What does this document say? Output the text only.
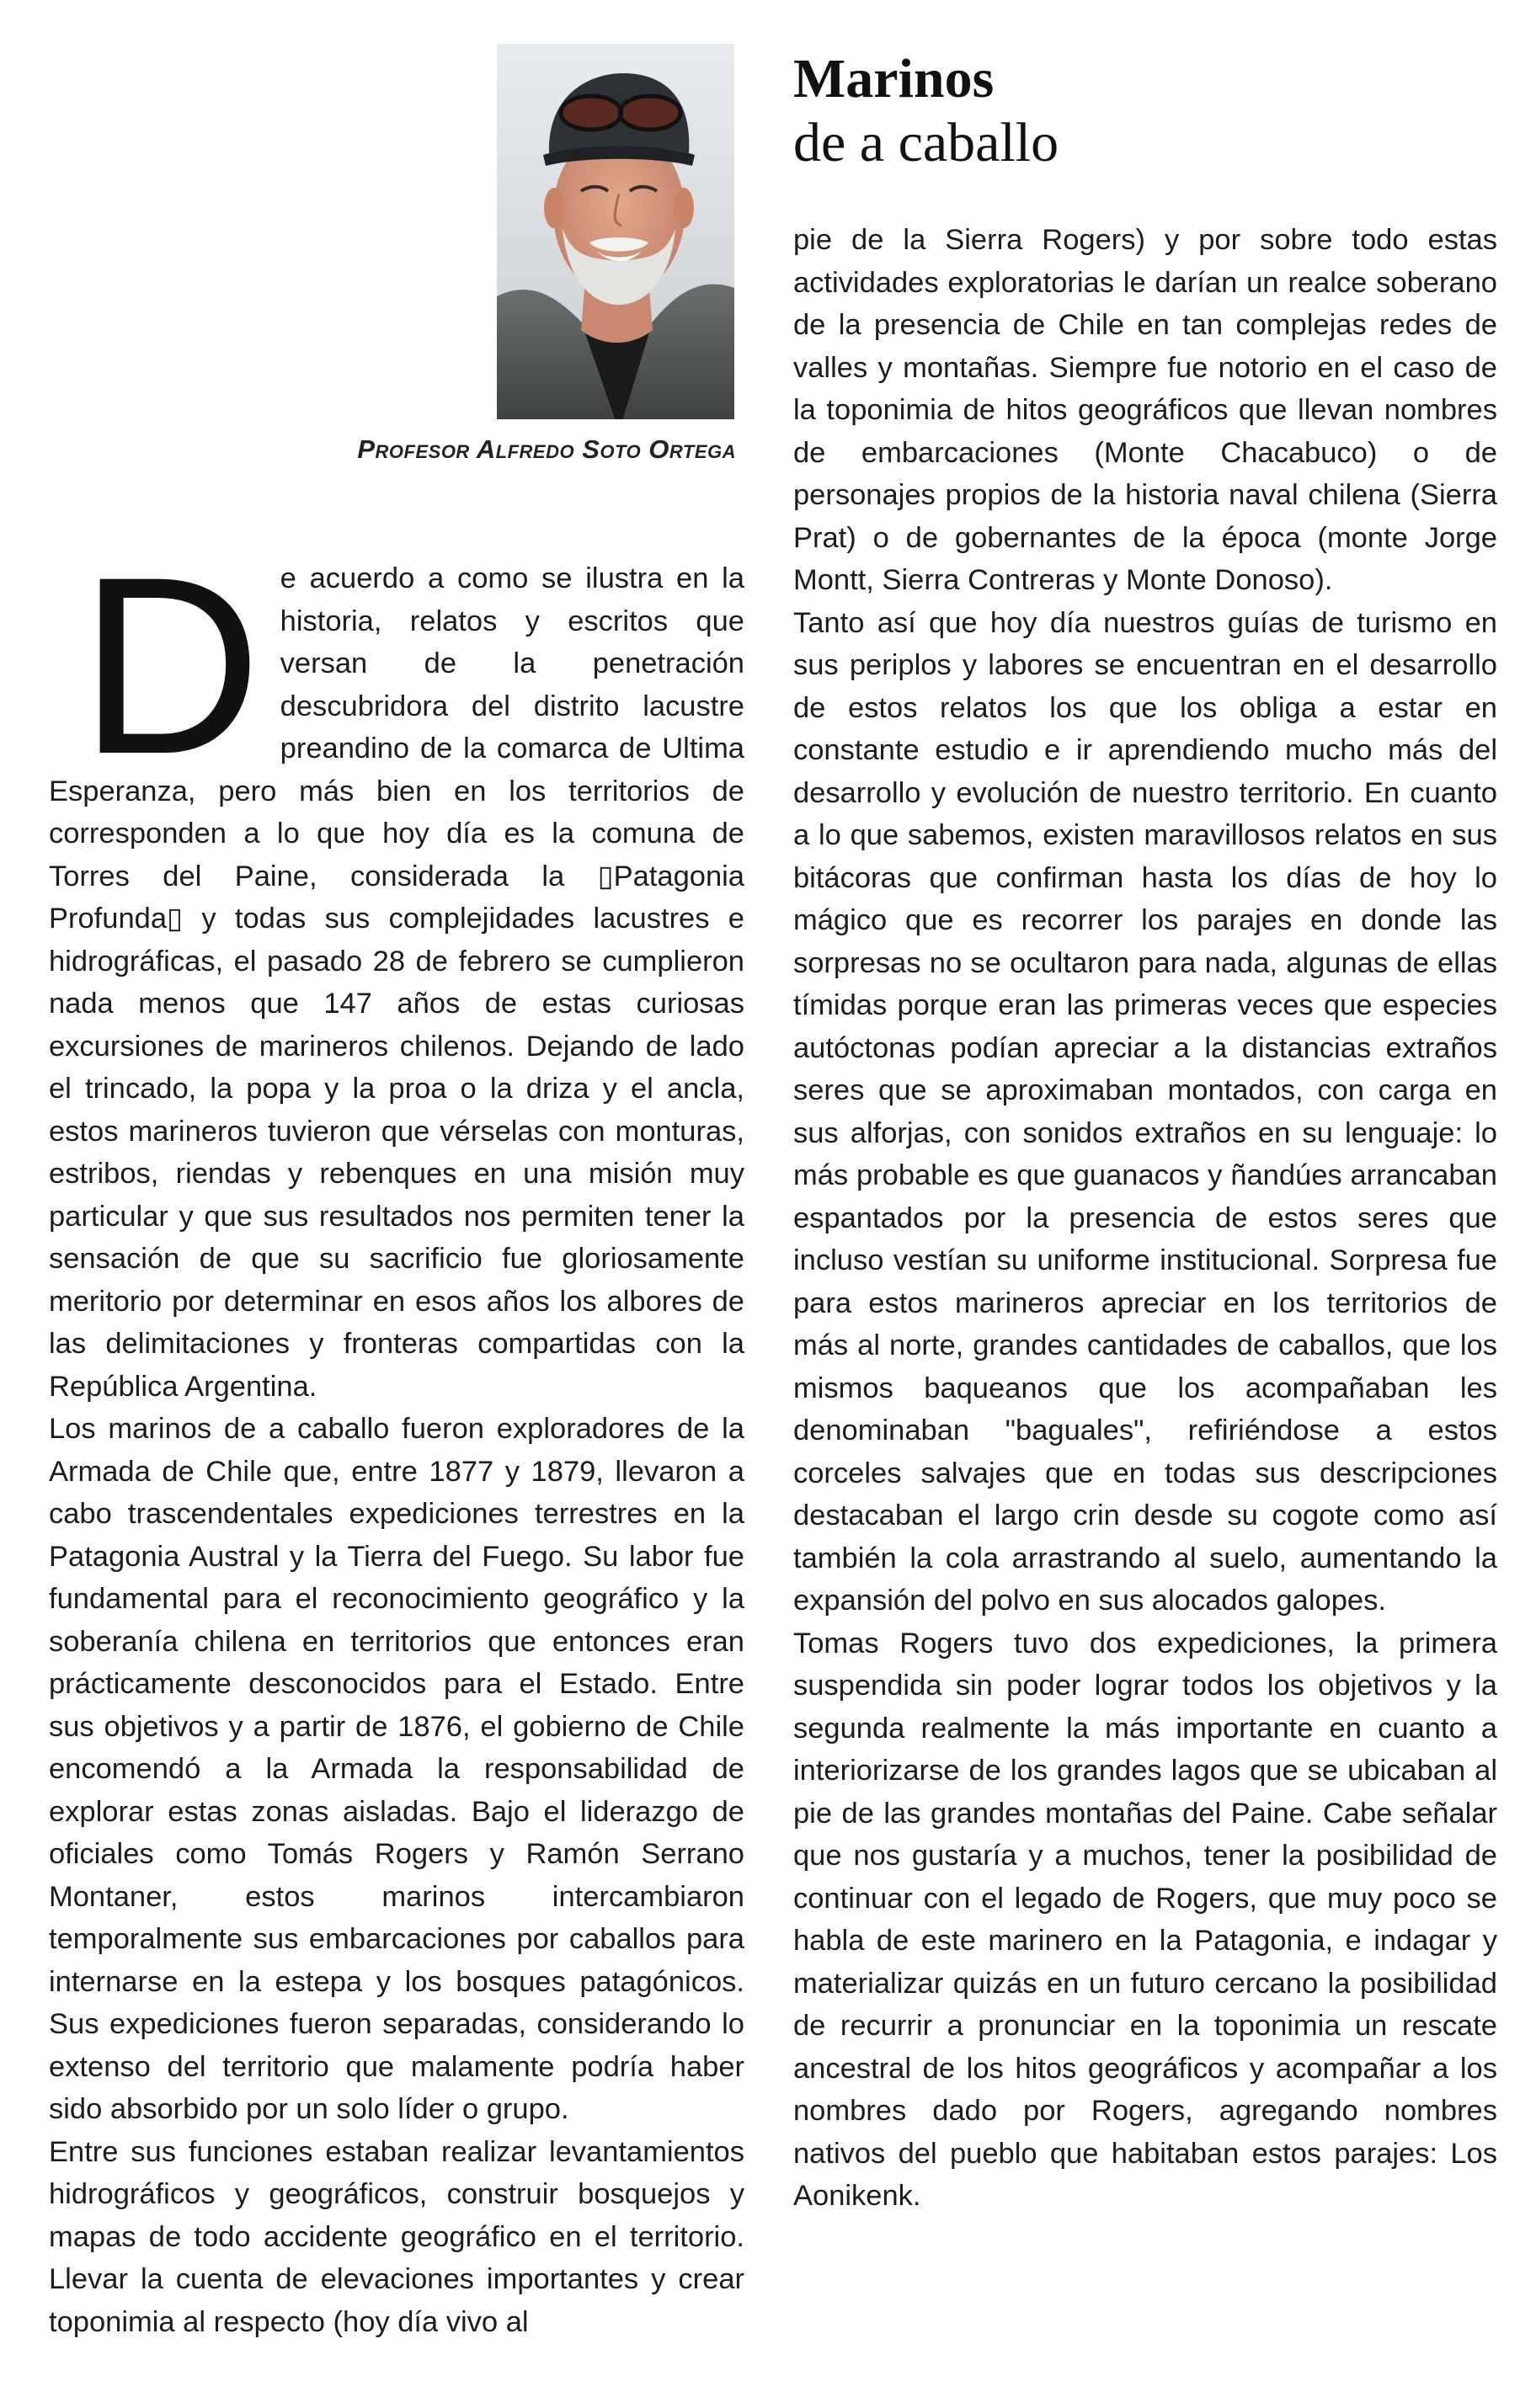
Profesor Alfredo Soto Ortega
D e acuerdo a como se ilustra en la historia, relatos y escritos que versan de la penetración descubridora del distrito lacustre preandino de la comarca de Ultima Esperanza, pero más bien en los territorios de corresponden a lo que hoy día es la comuna de Torres del Paine, considerada la ▯Patagonia Profunda▯ y todas sus complejidades lacustres e hidrográficas, el pasado 28 de febrero se cumplieron nada menos que 147 años de estas curiosas excursiones de marineros chilenos. Dejando de lado el trincado, la popa y la proa o la driza y el ancla, estos marineros tuvieron que vérselas con monturas, estribos, riendas y rebenques en una misión muy particular y que sus resultados nos permiten tener la sensación de que su sacrificio fue gloriosamente meritorio por determinar en esos años los albores de las delimitaciones y fronteras compartidas con la República Argentina.

Los marinos de a caballo fueron exploradores de la Armada de Chile que, entre 1877 y 1879, llevaron a cabo trascendentales expediciones terrestres en la Patagonia Austral y la Tierra del Fuego. Su labor fue fundamental para el reconocimiento geográfico y la soberanía chilena en territorios que entonces eran prácticamente desconocidos para el Estado. Entre sus objetivos y a partir de 1876, el gobierno de Chile encomendó a la Armada la responsabilidad de explorar estas zonas aisladas. Bajo el liderazgo de oficiales como Tomás Rogers y Ramón Serrano Montaner, estos marinos intercambiaron temporalmente sus embarcaciones por caballos para internarse en la estepa y los bosques patagónicos. Sus expediciones fueron separadas, considerando lo extenso del territorio que malamente podría haber sido absorbido por un solo líder o grupo.

Entre sus funciones estaban realizar levantamientos hidrográficos y geográficos, construir bosquejos y mapas de todo accidente geográfico en el territorio. Llevar la cuenta de elevaciones importantes y crear toponimia al respecto (hoy día vivo al

Marinos
de a caballo

pie de la Sierra Rogers) y por sobre todo estas actividades exploratorias le darían un realce soberano de la presencia de Chile en tan complejas redes de valles y montañas. Siempre fue notorio en el caso de la toponimia de hitos geográficos que llevan nombres de embarcaciones (Monte Chacabuco) o de personajes propios de la historia naval chilena (Sierra Prat) o de gobernantes de la época (monte Jorge Montt, Sierra Contreras y Monte Donoso).

Tanto así que hoy día nuestros guías de turismo en sus periplos y labores se encuentran en el desarrollo de estos relatos los que los obliga a estar en constante estudio e ir aprendiendo mucho más del desarrollo y evolución de nuestro territorio. En cuanto a lo que sabemos, existen maravillosos relatos en sus bitácoras que confirman hasta los días de hoy lo mágico que es recorrer los parajes en donde las sorpresas no se ocultaron para nada, algunas de ellas tímidas porque eran las primeras veces que especies autóctonas podían apreciar a la distancias extraños seres que se aproximaban montados, con carga en sus alforjas, con sonidos extraños en su lenguaje: lo más probable es que guanacos y ñandúes arrancaban espantados por la presencia de estos seres que incluso vestían su uniforme institucional. Sorpresa fue para estos marineros apreciar en los territorios de más al norte, grandes cantidades de caballos, que los mismos baqueanos que los acompañaban les denominaban "baguales", refiriéndose a estos corceles salvajes que en todas sus descripciones destacaban el largo crin desde su cogote como así también la cola arrastrando al suelo, aumentando la expansión del polvo en sus alocados galopes.

Tomas Rogers tuvo dos expediciones, la primera suspendida sin poder lograr todos los objetivos y la segunda realmente la más importante en cuanto a interiorizarse de los grandes lagos que se ubicaban al pie de las grandes montañas del Paine. Cabe señalar que nos gustaría y a muchos, tener la posibilidad de continuar con el legado de Rogers, que muy poco se habla de este marinero en la Patagonia, e indagar y materializar quizás en un futuro cercano la posibilidad de recurrir a pronunciar en la toponimia un rescate ancestral de los hitos geográficos y acompañar a los nombres dado por Rogers, agregando nombres nativos del pueblo que habitaban estos parajes: Los Aonikenk.
